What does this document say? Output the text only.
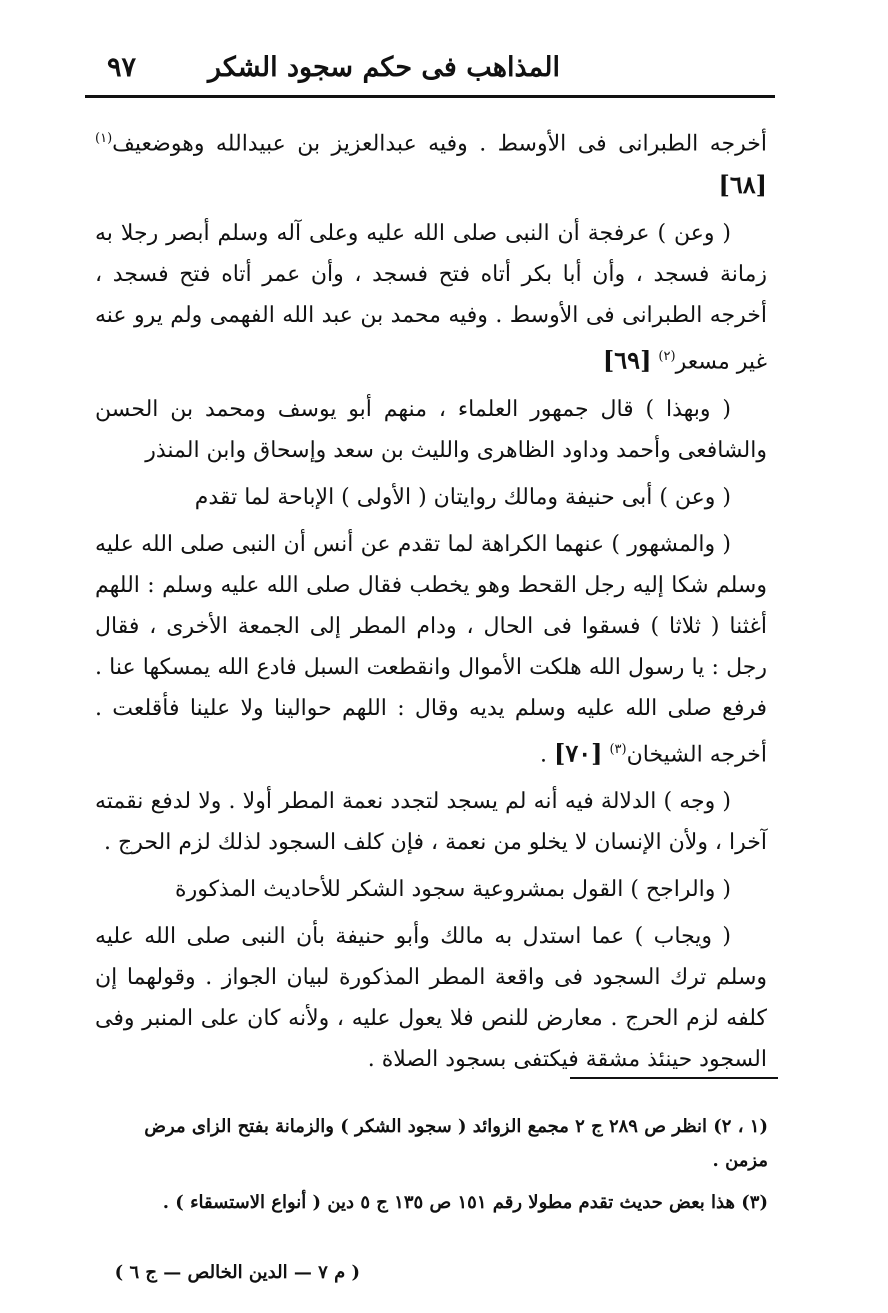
المذاهب فى حكم سجود الشكر
٩٧

أخرجه الطبرانى فى الأوسط . وفيه عبدالعزيز بن عبيدالله وهوضعيف$^{(١)}$ [٦٨]

( وعن ) عرفجة أن النبى صلى الله عليه وعلى آله وسلم أبصر رجلا به زمانة فسجد ، وأن أبا بكر أتاه فتح فسجد ، وأن عمر أتاه فتح فسجد ، أخرجه الطبرانى فى الأوسط . وفيه محمد بن عبد الله الفهمى ولم يرو عنه غير مسعر$^{(٢)}$ [٦٩]

( وبهذا ) قال جمهور العلماء ، منهم أبو يوسف ومحمد بن الحسن والشافعى وأحمد وداود الظاهرى والليث بن سعد وإسحاق وابن المنذر

( وعن ) أبى حنيفة ومالك روايتان ( الأولى ) الإباحة لما تقدم

( والمشهور ) عنهما الكراهة لما تقدم عن أنس أن النبى صلى الله عليه وسلم شكا إليه رجل القحط وهو يخطب فقال صلى الله عليه وسلم : اللهم أغثنا ( ثلاثا ) فسقوا فى الحال ، ودام المطر إلى الجمعة الأخرى ، فقال رجل : يا رسول الله هلكت الأموال وانقطعت السبل فادع الله يمسكها عنا . فرفع صلى الله عليه وسلم يديه وقال : اللهم حوالينا ولا علينا فأقلعت . أخرجه الشيخان$^{(٣)}$ [٧٠] .

( وجه ) الدلالة فيه أنه لم يسجد لتجدد نعمة المطر أولا . ولا لدفع نقمته آخرا ، ولأن الإنسان لا يخلو من نعمة ، فإن كلف السجود لذلك لزم الحرج .

( والراجح ) القول بمشروعية سجود الشكر للأحاديث المذكورة

( ويجاب ) عما استدل به مالك وأبو حنيفة بأن النبى صلى الله عليه وسلم ترك السجود فى واقعة المطر المذكورة لبيان الجواز . وقولهما إن كلفه لزم الحرج . معارض للنص فلا يعول عليه ، ولأنه كان على المنبر وفى السجود حينئذ مشقة فيكتفى بسجود الصلاة .

(١ ، ٢) انظر ص ٢٨٩ ج ٢ مجمع الزوائد ( سجود الشكر ) والزمانة بفتح الزاى مرض مزمن .

(٣) هذا بعض حديث تقدم مطولا رقم ١٥١ ص ١٣٥ ج ٥ دين ( أنواع الاستسقاء ) .

( م ٧ — الدين الخالص — ج ٦ )
